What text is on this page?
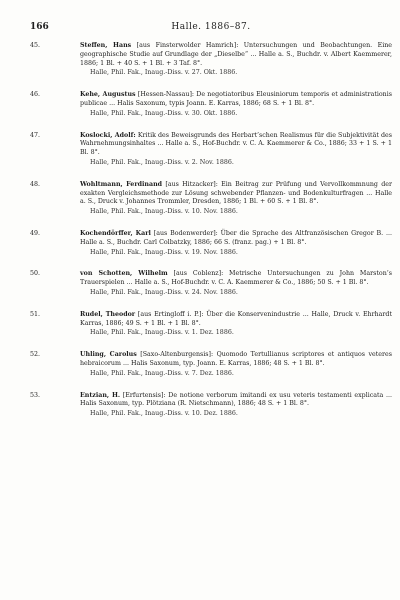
166	Halle. 1886–87.
45.	Steffen, Hans [aus Finsterwolder Hamrich]: Untersuchungen und Beobachtungen. Eine geographische Studie auf Grundlage der „Dieselbe“ ... Halle a. S., Buchdr. v. Albert Kaemmerer, 1886; 1 Bl. + 40 S. + 1 Bl. + 3 Taf. 8°.
Halle, Phil. Fak., Inaug.-Diss. v. 27. Okt. 1886.
46.	Kehe, Augustus [Hessen-Nassau]: De negotiatoribus Eleusiniorum temporis et administrationis publicae ... Halis Saxonum, typis Joann. E. Karras, 1886; 68 S. + 1 Bl. 8°.
Halle, Phil. Fak., Inaug.-Diss. v. 30. Okt. 1886.
47.	Koslocki, Adolf: Kritik des Beweisgrunds des Herbart’schen Realismus für die Subjektivität des Wahrnehmungsinhaltes ... Halle a. S., Hof-Buchdr. v. C. A. Kaemmerer & Co., 1886; 33 + 1 S. + 1 Bl. 8°.
Halle, Phil. Fak., Inaug.-Diss. v. 2. Nov. 1886.
48.	Wohltmann, Ferdinand [aus Hitzacker]: Ein Beitrag zur Prüfung und Vervollkommnung der exakten Vergleichsmethode zur Lösung schwebender Pflanzen- und Bodenkulturfragen ... Halle a. S., Druck v. Johannes Trommler, Dresden, 1886; 1 Bl. + 60 S. + 1 Bl. 8°.
Halle, Phil. Fak., Inaug.-Diss. v. 10. Nov. 1886.
49.	Kochendörffer, Karl [aus Bodenwerder]: Über die Sprache des Altfranzösischen Gregor B. ... Halle a. S., Buchdr. Carl Colbatzky, 1886; 66 S. (franz. pag.) + 1 Bl. 8°.
Halle, Phil. Fak., Inaug.-Diss. v. 19. Nov. 1886.
50.	von Schotten, Wilhelm [aus Coblenz]: Metrische Untersuchungen zu John Marston’s Trauerspielen ... Halle a. S., Hof-Buchdr. v. C. A. Kaemmerer & Co., 1886; 50 S. + 1 Bl. 8°.
Halle, Phil. Fak., Inaug.-Diss. v. 24. Nov. 1886.
51.	Rudel, Theodor [aus Ertingloff i. P.]: Über die Konservenindustrie ... Halle, Druck v. Ehrhardt Karras, 1886; 49 S. + 1 Bl. + 1 Bl. 8°.
Halle, Phil. Fak., Inaug.-Diss. v. 1. Dez. 1886.
52.	Uhling, Carolus [Saxo-Altenburgensis]: Quomodo Tertullianus scriptores et antiquos veteres hebraicorum ... Halis Saxonum, typ. Joann. E. Karras, 1886; 48 S. + 1 Bl. 8°.
Halle, Phil. Fak., Inaug.-Diss. v. 7. Dez. 1886.
53.	Entzian, H. [Erfurtensis]: De notione verborum imitandi ex usu veteris testamenti explicata ... Halis Saxonum, typ. Plötziana (R. Nietschmann), 1886; 48 S. + 1 Bl. 8°.
Halle, Phil. Fak., Inaug.-Diss. v. 10. Dez. 1886.
